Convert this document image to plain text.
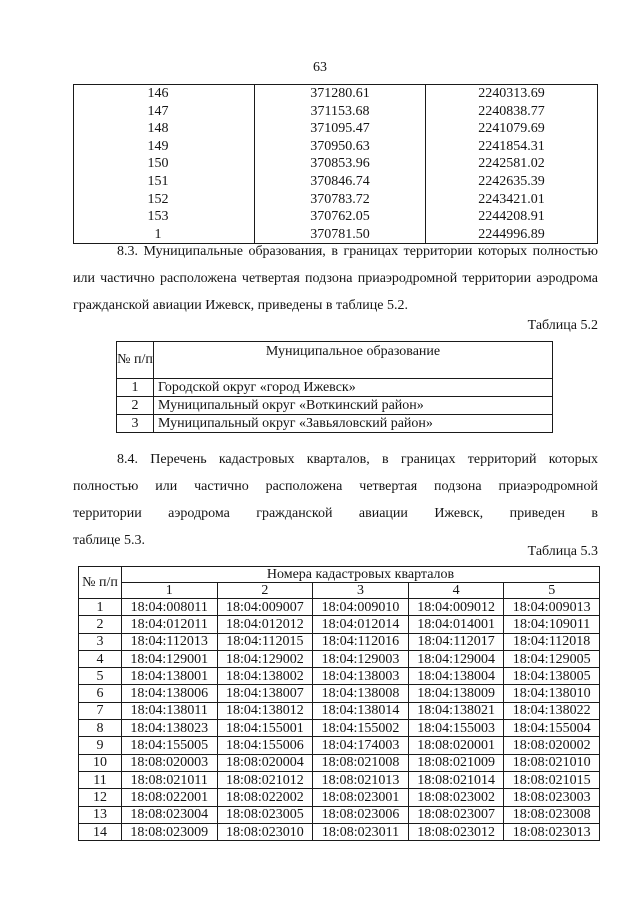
63
146	371280.61	2240313.69
147	371153.68	2240838.77
148	371095.47	2241079.69
149	370950.63	2241854.31
150	370853.96	2242581.02
151	370846.74	2242635.39
152	370783.72	2243421.01
153	370762.05	2244208.91
1	370781.50	2244996.89
8.3. Муниципальные образования, в границах территории которых полностью или частично расположена четвертая подзона приаэродромной территории аэродрома гражданской авиации Ижевск, приведены в таблице 5.2.
Таблица 5.2
№ п/п	Муниципальное образование
1	Городской округ «город Ижевск»
2	Муниципальный округ «Воткинский район»
3	Муниципальный округ «Завьяловский район»
8.4. Перечень кадастровых кварталов, в границах территорий которых
полностью или частично расположена четвертая подзона приаэродромной
территории аэродрома гражданской авиации Ижевск, приведен в
таблице 5.3.
Таблица 5.3
№ п/п	Номера кадастровых кварталов				
	1	2	3	4	5
1	18:04:008011	18:04:009007	18:04:009010	18:04:009012	18:04:009013
2	18:04:012011	18:04:012012	18:04:012014	18:04:014001	18:04:109011
3	18:04:112013	18:04:112015	18:04:112016	18:04:112017	18:04:112018
4	18:04:129001	18:04:129002	18:04:129003	18:04:129004	18:04:129005
5	18:04:138001	18:04:138002	18:04:138003	18:04:138004	18:04:138005
6	18:04:138006	18:04:138007	18:04:138008	18:04:138009	18:04:138010
7	18:04:138011	18:04:138012	18:04:138014	18:04:138021	18:04:138022
8	18:04:138023	18:04:155001	18:04:155002	18:04:155003	18:04:155004
9	18:04:155005	18:04:155006	18:04:174003	18:08:020001	18:08:020002
10	18:08:020003	18:08:020004	18:08:021008	18:08:021009	18:08:021010
11	18:08:021011	18:08:021012	18:08:021013	18:08:021014	18:08:021015
12	18:08:022001	18:08:022002	18:08:023001	18:08:023002	18:08:023003
13	18:08:023004	18:08:023005	18:08:023006	18:08:023007	18:08:023008
14	18:08:023009	18:08:023010	18:08:023011	18:08:023012	18:08:023013
